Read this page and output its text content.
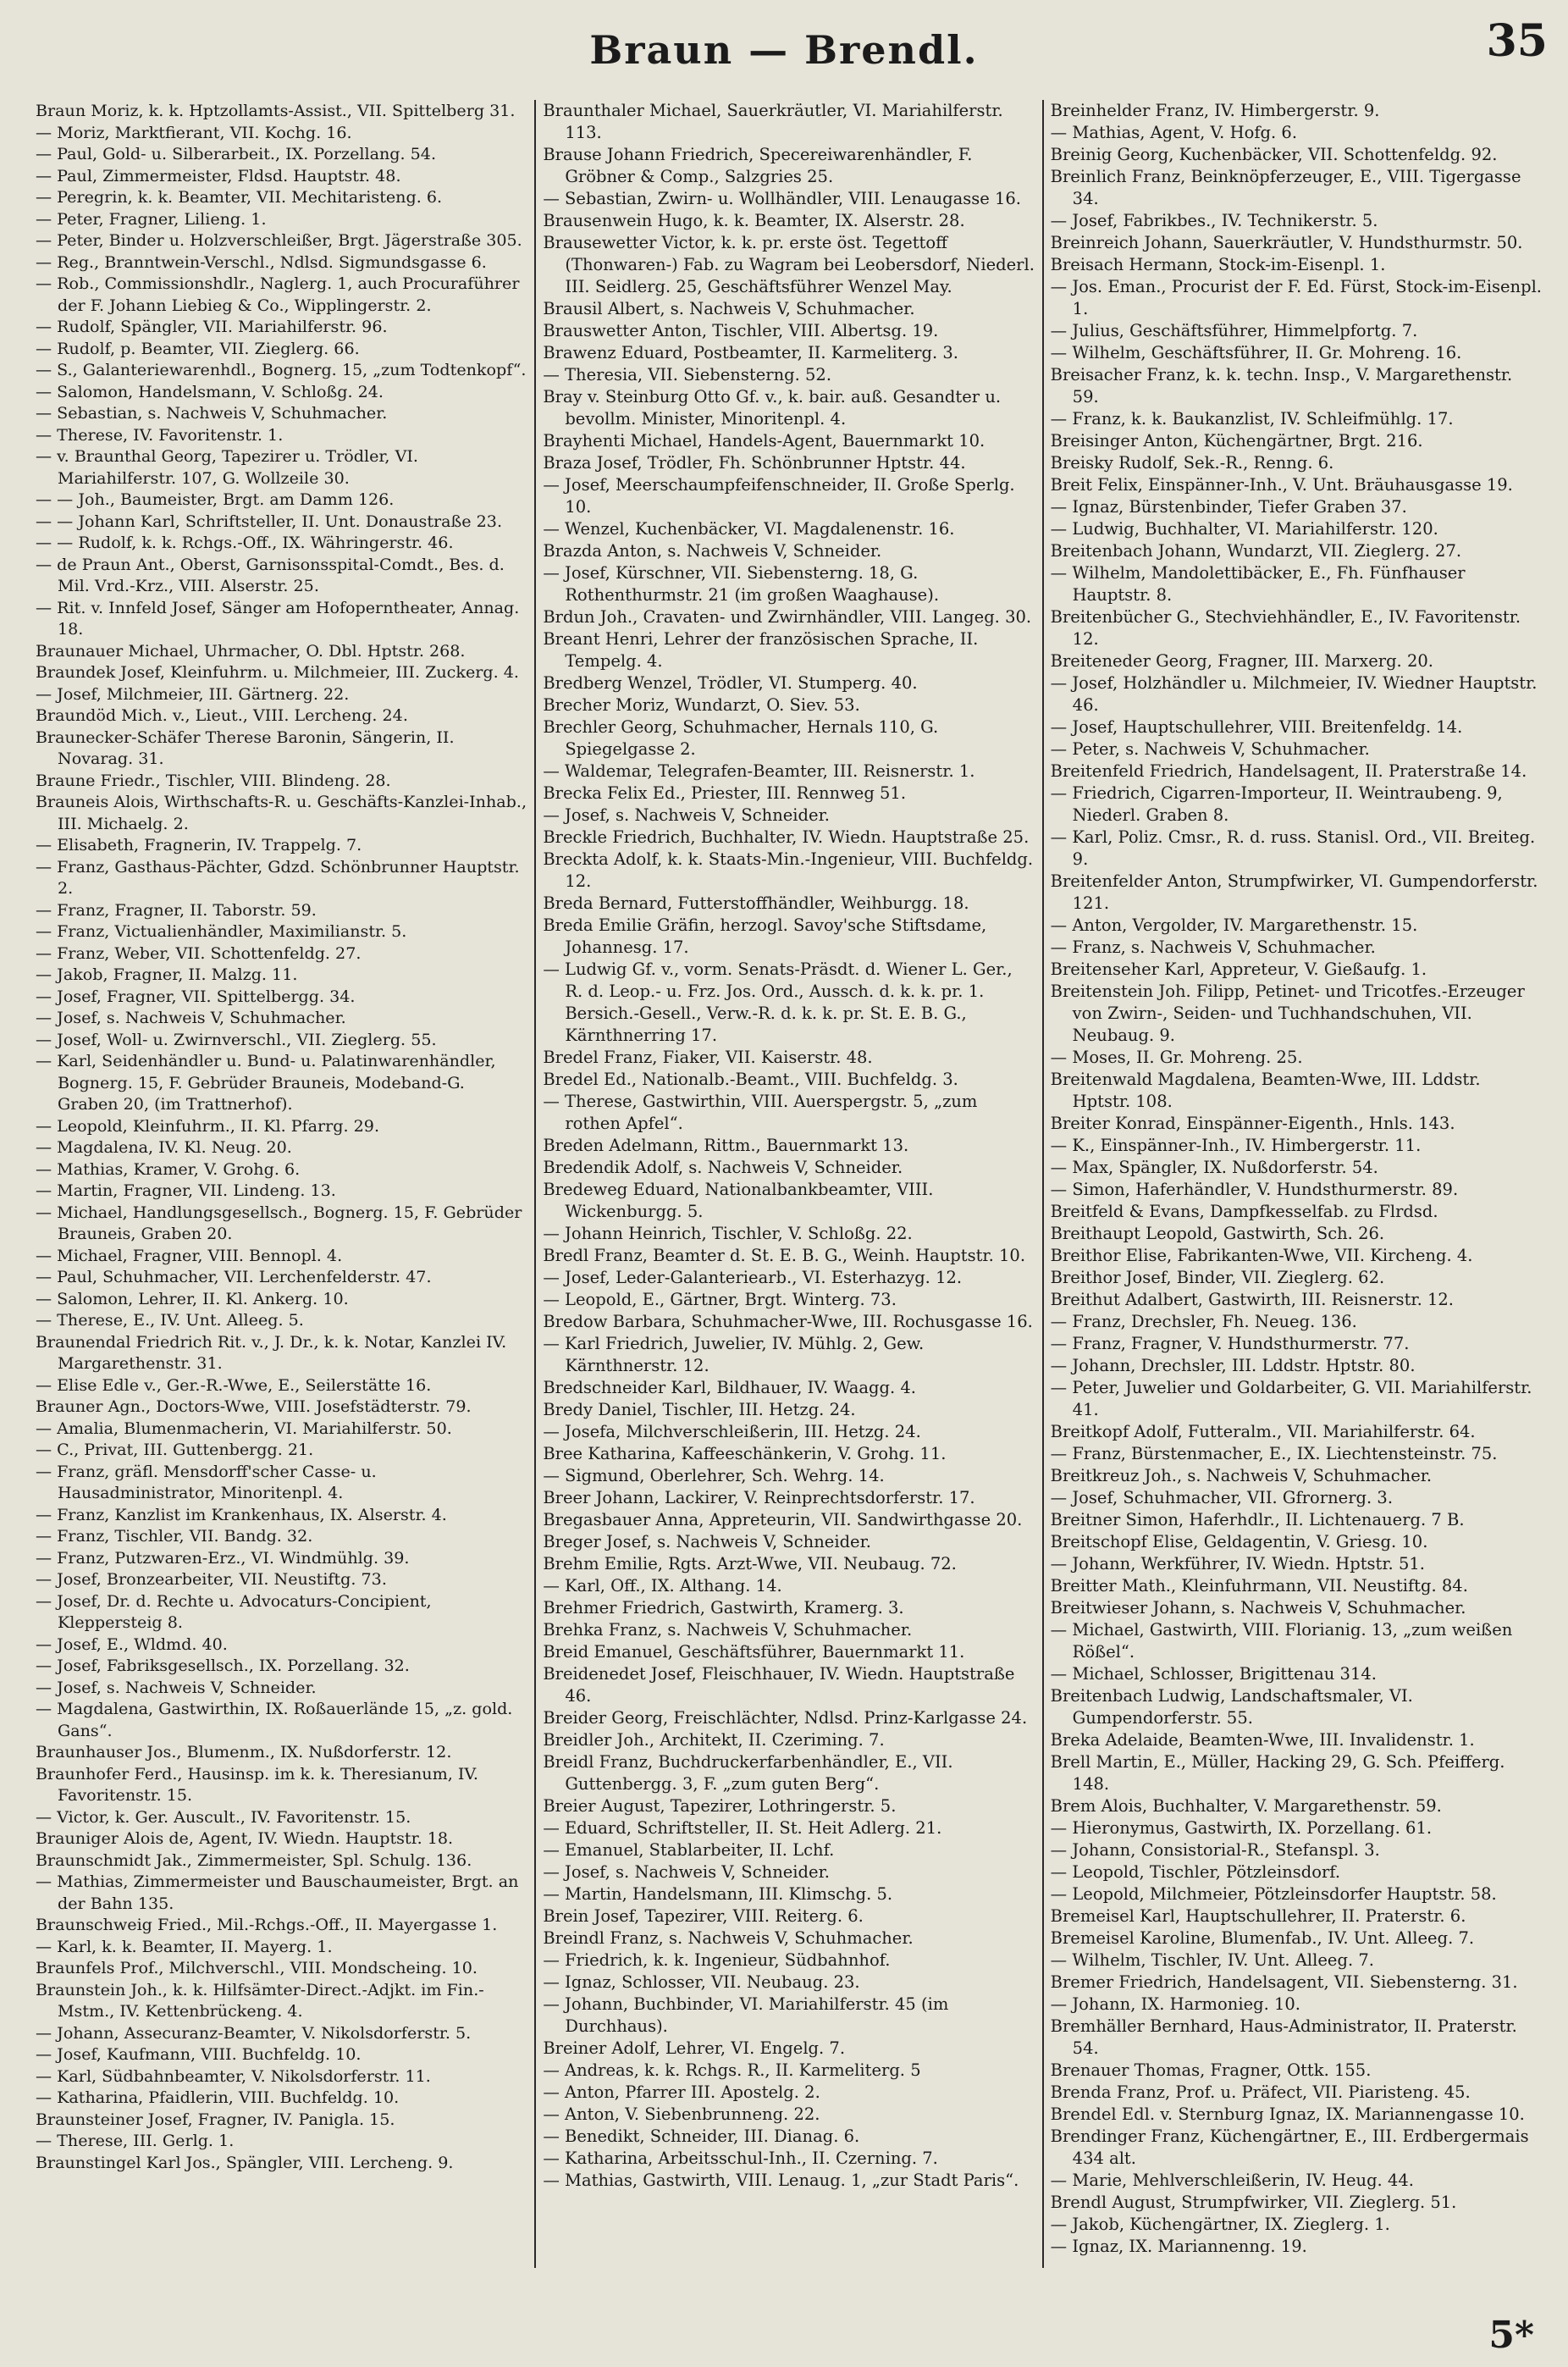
Braun — Brendl.	35
Braun Moriz, k. k. Hptzollamts-Assist., VII. Spittelberg 31.
— Moriz, Marktfierant, VII. Kochg. 16.
— Paul, Gold- u. Silberarbeit., IX. Porzellang. 54.
— Paul, Zimmermeister, Fldsd. Hauptstr. 48.
— Peregrin, k. k. Beamter, VII. Mechitaristeng. 6.
— Peter, Fragner, Lilieng. 1.
— Peter, Binder u. Holzverschleißer, Brgt. Jägerstraße 305.
— Reg., Branntwein-Verschl., Ndlsd. Sigmundsgasse 6.
— Rob., Commissionshdlr., Naglerg. 1, auch Procuraführer der F. Johann Liebieg & Co., Wipplingerstr. 2.
— Rudolf, Spängler, VII. Mariahilferstr. 96.
— Rudolf, p. Beamter, VII. Zieglerg. 66.
— S., Galanteriewarenhdl., Bognerg. 15, „zum Todtenkopf“.
— Salomon, Handelsmann, V. Schloßg. 24.
— Sebastian, s. Nachweis V, Schuhmacher.
— Therese, IV. Favoritenstr. 1.
— v. Braunthal Georg, Tapezirer u. Trödler, VI. Mariahilferstr. 107, G. Wollzeile 30.
— — Joh., Baumeister, Brgt. am Damm 126.
— — Johann Karl, Schriftsteller, II. Unt. Donaustraße 23.
— — Rudolf, k. k. Rchgs.-Off., IX. Währingerstr. 46.
— de Praun Ant., Oberst, Garnisonsspital-Comdt., Bes. d. Mil. Vrd.-Krz., VIII. Alserstr. 25.
— Rit. v. Innfeld Josef, Sänger am Hofoperntheater, Annag. 18.
Braunauer Michael, Uhrmacher, O. Dbl. Hptstr. 268.
Braundek Josef, Kleinfuhrm. u. Milchmeier, III. Zuckerg. 4.
— Josef, Milchmeier, III. Gärtnerg. 22.
Braundöd Mich. v., Lieut., VIII. Lercheng. 24.
Braunecker-Schäfer Therese Baronin, Sängerin, II. Novarag. 31.
Braune Friedr., Tischler, VIII. Blindeng. 28.
Brauneis Alois, Wirthschafts-R. u. Geschäfts-Kanzlei-Inhab., III. Michaelg. 2.
— Elisabeth, Fragnerin, IV. Trappelg. 7.
— Franz, Gasthaus-Pächter, Gdzd. Schönbrunner Hauptstr. 2.
— Franz, Fragner, II. Taborstr. 59.
— Franz, Victualienhändler, Maximilianstr. 5.
— Franz, Weber, VII. Schottenfeldg. 27.
— Jakob, Fragner, II. Malzg. 11.
— Josef, Fragner, VII. Spittelbergg. 34.
— Josef, s. Nachweis V, Schuhmacher.
— Josef, Woll- u. Zwirnverschl., VII. Zieglerg. 55.
— Karl, Seidenhändler u. Bund- u. Palatinwarenhändler, Bognerg. 15, F. Gebrüder Brauneis, Modeband-G. Graben 20, (im Trattnerhof).
— Leopold, Kleinfuhrm., II. Kl. Pfarrg. 29.
— Magdalena, IV. Kl. Neug. 20.
— Mathias, Kramer, V. Grohg. 6.
— Martin, Fragner, VII. Lindeng. 13.
— Michael, Handlungsgesellsch., Bognerg. 15, F. Gebrüder Brauneis, Graben 20.
— Michael, Fragner, VIII. Bennopl. 4.
— Paul, Schuhmacher, VII. Lerchenfelderstr. 47.
— Salomon, Lehrer, II. Kl. Ankerg. 10.
— Therese, E., IV. Unt. Alleeg. 5.
Braunendal Friedrich Rit. v., J. Dr., k. k. Notar, Kanzlei IV. Margarethenstr. 31.
— Elise Edle v., Ger.-R.-Wwe, E., Seilerstätte 16.
Brauner Agn., Doctors-Wwe, VIII. Josefstädterstr. 79.
— Amalia, Blumenmacherin, VI. Mariahilferstr. 50.
— C., Privat, III. Guttenbergg. 21.
— Franz, gräfl. Mensdorff'scher Casse- u. Hausadministrator, Minoritenpl. 4.
— Franz, Kanzlist im Krankenhaus, IX. Alserstr. 4.
— Franz, Tischler, VII. Bandg. 32.
— Franz, Putzwaren-Erz., VI. Windmühlg. 39.
— Josef, Bronzearbeiter, VII. Neustiftg. 73.
— Josef, Dr. d. Rechte u. Advocaturs-Concipient, Kleppersteig 8.
— Josef, E., Wldmd. 40.
— Josef, Fabriksgesellsch., IX. Porzellang. 32.
— Josef, s. Nachweis V, Schneider.
— Magdalena, Gastwirthin, IX. Roßauerlände 15, „z. gold. Gans“.
Braunhauser Jos., Blumenm., IX. Nußdorferstr. 12.
Braunhofer Ferd., Hausinsp. im k. k. Theresianum, IV. Favoritenstr. 15.
— Victor, k. Ger. Auscult., IV. Favoritenstr. 15.
Brauniger Alois de, Agent, IV. Wiedn. Hauptstr. 18.
Braunschmidt Jak., Zimmermeister, Spl. Schulg. 136.
— Mathias, Zimmermeister und Bauschaumeister, Brgt. an der Bahn 135.
Braunschweig Fried., Mil.-Rchgs.-Off., II. Mayergasse 1.
— Karl, k. k. Beamter, II. Mayerg. 1.
Braunfels Prof., Milchverschl., VIII. Mondscheing. 10.
Braunstein Joh., k. k. Hilfsämter-Direct.-Adjkt. im Fin.-Mstm., IV. Kettenbrückeng. 4.
— Johann, Assecuranz-Beamter, V. Nikolsdorferstr. 5.
— Josef, Kaufmann, VIII. Buchfeldg. 10.
— Karl, Südbahnbeamter, V. Nikolsdorferstr. 11.
— Katharina, Pfaidlerin, VIII. Buchfeldg. 10.
Braunsteiner Josef, Fragner, IV. Panigla. 15.
— Therese, III. Gerlg. 1.
Braunstingel Karl Jos., Spängler, VIII. Lercheng. 9.
Braunthaler Michael, Sauerkräutler, VI. Mariahilferstr. 113.
Brause Johann Friedrich, Specereiwarenhändler, F. Gröbner & Comp., Salzgries 25.
— Sebastian, Zwirn- u. Wollhändler, VIII. Lenaugasse 16.
Brausenwein Hugo, k. k. Beamter, IX. Alserstr. 28.
Brausewetter Victor, k. k. pr. erste öst. Tegettoff (Thonwaren-) Fab. zu Wagram bei Leobersdorf, Niederl. III. Seidlerg. 25, Geschäftsführer Wenzel May.
Brausil Albert, s. Nachweis V, Schuhmacher.
Brauswetter Anton, Tischler, VIII. Albertsg. 19.
Brawenz Eduard, Postbeamter, II. Karmeliterg. 3.
— Theresia, VII. Siebensterng. 52.
Bray v. Steinburg Otto Gf. v., k. bair. auß. Gesandter u. bevollm. Minister, Minoritenpl. 4.
Brayhenti Michael, Handels-Agent, Bauernmarkt 10.
Braza Josef, Trödler, Fh. Schönbrunner Hptstr. 44.
— Josef, Meerschaumpfeifenschneider, II. Große Sperlg. 10.
— Wenzel, Kuchenbäcker, VI. Magdalenenstr. 16.
Brazda Anton, s. Nachweis V, Schneider.
— Josef, Kürschner, VII. Siebensterng. 18, G. Rothenthurmstr. 21 (im großen Waaghause).
Brdun Joh., Cravaten- und Zwirnhändler, VIII. Langeg. 30.
Breant Henri, Lehrer der französischen Sprache, II. Tempelg. 4.
Bredberg Wenzel, Trödler, VI. Stumperg. 40.
Brecher Moriz, Wundarzt, O. Siev. 53.
Brechler Georg, Schuhmacher, Hernals 110, G. Spiegelgasse 2.
— Waldemar, Telegrafen-Beamter, III. Reisnerstr. 1.
Brecka Felix Ed., Priester, III. Rennweg 51.
— Josef, s. Nachweis V, Schneider.
Breckle Friedrich, Buchhalter, IV. Wiedn. Hauptstraße 25.
Breckta Adolf, k. k. Staats-Min.-Ingenieur, VIII. Buchfeldg. 12.
Breda Bernard, Futterstoffhändler, Weihburgg. 18.
Breda Emilie Gräfin, herzogl. Savoy'sche Stiftsdame, Johannesg. 17.
— Ludwig Gf. v., vorm. Senats-Präsdt. d. Wiener L. Ger., R. d. Leop.- u. Frz. Jos. Ord., Aussch. d. k. k. pr. 1. Bersich.-Gesell., Verw.-R. d. k. k. pr. St. E. B. G., Kärnthnerring 17.
Bredel Franz, Fiaker, VII. Kaiserstr. 48.
Bredel Ed., Nationalb.-Beamt., VIII. Buchfeldg. 3.
— Therese, Gastwirthin, VIII. Auerspergstr. 5, „zum rothen Apfel“.
Breden Adelmann, Rittm., Bauernmarkt 13.
Bredendik Adolf, s. Nachweis V, Schneider.
Bredeweg Eduard, Nationalbankbeamter, VIII. Wickenburgg. 5.
— Johann Heinrich, Tischler, V. Schloßg. 22.
Bredl Franz, Beamter d. St. E. B. G., Weinh. Hauptstr. 10.
— Josef, Leder-Galanteriearb., VI. Esterhazyg. 12.
— Leopold, E., Gärtner, Brgt. Winterg. 73.
Bredow Barbara, Schuhmacher-Wwe, III. Rochusgasse 16.
— Karl Friedrich, Juwelier, IV. Mühlg. 2, Gew. Kärnthnerstr. 12.
Bredschneider Karl, Bildhauer, IV. Waagg. 4.
Bredy Daniel, Tischler, III. Hetzg. 24.
— Josefa, Milchverschleißerin, III. Hetzg. 24.
Bree Katharina, Kaffeeschänkerin, V. Grohg. 11.
— Sigmund, Oberlehrer, Sch. Wehrg. 14.
Breer Johann, Lackirer, V. Reinprechtsdorferstr. 17.
Bregasbauer Anna, Appreteurin, VII. Sandwirthgasse 20.
Breger Josef, s. Nachweis V, Schneider.
Brehm Emilie, Rgts. Arzt-Wwe, VII. Neubaug. 72.
— Karl, Off., IX. Althang. 14.
Brehmer Friedrich, Gastwirth, Kramerg. 3.
Brehka Franz, s. Nachweis V, Schuhmacher.
Breid Emanuel, Geschäftsführer, Bauernmarkt 11.
Breidenedet Josef, Fleischhauer, IV. Wiedn. Hauptstraße 46.
Breider Georg, Freischlächter, Ndlsd. Prinz-Karlgasse 24.
Breidler Joh., Architekt, II. Czeriming. 7.
Breidl Franz, Buchdruckerfarbenhändler, E., VII. Guttenbergg. 3, F. „zum guten Berg“.
Breier August, Tapezirer, Lothringerstr. 5.
— Eduard, Schriftsteller, II. St. Heit Adlerg. 21.
— Emanuel, Stablarbeiter, II. Lchf.
— Josef, s. Nachweis V, Schneider.
— Martin, Handelsmann, III. Klimschg. 5.
Brein Josef, Tapezirer, VIII. Reiterg. 6.
Breindl Franz, s. Nachweis V, Schuhmacher.
— Friedrich, k. k. Ingenieur, Südbahnhof.
— Ignaz, Schlosser, VII. Neubaug. 23.
— Johann, Buchbinder, VI. Mariahilferstr. 45 (im Durchhaus).
Breiner Adolf, Lehrer, VI. Engelg. 7.
— Andreas, k. k. Rchgs. R., II. Karmeliterg. 5
— Anton, Pfarrer III. Apostelg. 2.
— Anton, V. Siebenbrunneng. 22.
— Benedikt, Schneider, III. Dianag. 6.
— Katharina, Arbeitsschul-Inh., II. Czerning. 7.
— Mathias, Gastwirth, VIII. Lenaug. 1, „zur Stadt Paris“.
Breinhelder Franz, IV. Himbergerstr. 9.
— Mathias, Agent, V. Hofg. 6.
Breinig Georg, Kuchenbäcker, VII. Schottenfeldg. 92.
Breinlich Franz, Beinknöpferzeuger, E., VIII. Tigergasse 34.
— Josef, Fabrikbes., IV. Technikerstr. 5.
Breinreich Johann, Sauerkräutler, V. Hundsthurmstr. 50.
Breisach Hermann, Stock-im-Eisenpl. 1.
— Jos. Eman., Procurist der F. Ed. Fürst, Stock-im-Eisenpl. 1.
— Julius, Geschäftsführer, Himmelpfortg. 7.
— Wilhelm, Geschäftsführer, II. Gr. Mohreng. 16.
Breisacher Franz, k. k. techn. Insp., V. Margarethenstr. 59.
— Franz, k. k. Baukanzlist, IV. Schleifmühlg. 17.
Breisinger Anton, Küchengärtner, Brgt. 216.
Breisky Rudolf, Sek.-R., Renng. 6.
Breit Felix, Einspänner-Inh., V. Unt. Bräuhausgasse 19.
— Ignaz, Bürstenbinder, Tiefer Graben 37.
— Ludwig, Buchhalter, VI. Mariahilferstr. 120.
Breitenbach Johann, Wundarzt, VII. Zieglerg. 27.
— Wilhelm, Mandolettibäcker, E., Fh. Fünfhauser Hauptstr. 8.
Breitenbücher G., Stechviehhändler, E., IV. Favoritenstr. 12.
Breiteneder Georg, Fragner, III. Marxerg. 20.
— Josef, Holzhändler u. Milchmeier, IV. Wiedner Hauptstr. 46.
— Josef, Hauptschullehrer, VIII. Breitenfeldg. 14.
— Peter, s. Nachweis V, Schuhmacher.
Breitenfeld Friedrich, Handelsagent, II. Praterstraße 14.
— Friedrich, Cigarren-Importeur, II. Weintraubeng. 9, Niederl. Graben 8.
— Karl, Poliz. Cmsr., R. d. russ. Stanisl. Ord., VII. Breiteg. 9.
Breitenfelder Anton, Strumpfwirker, VI. Gumpendorferstr. 121.
— Anton, Vergolder, IV. Margarethenstr. 15.
— Franz, s. Nachweis V, Schuhmacher.
Breitenseher Karl, Appreteur, V. Gießaufg. 1.
Breitenstein Joh. Filipp, Petinet- und Tricotfes.-Erzeuger von Zwirn-, Seiden- und Tuchhandschuhen, VII. Neubaug. 9.
— Moses, II. Gr. Mohreng. 25.
Breitenwald Magdalena, Beamten-Wwe, III. Lddstr. Hptstr. 108.
Breiter Konrad, Einspänner-Eigenth., Hnls. 143.
— K., Einspänner-Inh., IV. Himbergerstr. 11.
— Max, Spängler, IX. Nußdorferstr. 54.
— Simon, Haferhändler, V. Hundsthurmerstr. 89.
Breitfeld & Evans, Dampfkesselfab. zu Flrdsd.
Breithaupt Leopold, Gastwirth, Sch. 26.
Breithor Elise, Fabrikanten-Wwe, VII. Kircheng. 4.
Breithor Josef, Binder, VII. Zieglerg. 62.
Breithut Adalbert, Gastwirth, III. Reisnerstr. 12.
— Franz, Drechsler, Fh. Neueg. 136.
— Franz, Fragner, V. Hundsthurmerstr. 77.
— Johann, Drechsler, III. Lddstr. Hptstr. 80.
— Peter, Juwelier und Goldarbeiter, G. VII. Mariahilferstr. 41.
Breitkopf Adolf, Futteralm., VII. Mariahilferstr. 64.
— Franz, Bürstenmacher, E., IX. Liechtensteinstr. 75.
Breitkreuz Joh., s. Nachweis V, Schuhmacher.
— Josef, Schuhmacher, VII. Gfrornerg. 3.
Breitner Simon, Haferhdlr., II. Lichtenauerg. 7 B.
Breitschopf Elise, Geldagentin, V. Griesg. 10.
— Johann, Werkführer, IV. Wiedn. Hptstr. 51.
Breitter Math., Kleinfuhrmann, VII. Neustiftg. 84.
Breitwieser Johann, s. Nachweis V, Schuhmacher.
— Michael, Gastwirth, VIII. Florianig. 13, „zum weißen Rößel“.
— Michael, Schlosser, Brigittenau 314.
Breitenbach Ludwig, Landschaftsmaler, VI. Gumpendorferstr. 55.
Breka Adelaide, Beamten-Wwe, III. Invalidenstr. 1.
Brell Martin, E., Müller, Hacking 29, G. Sch. Pfeifferg. 148.
Brem Alois, Buchhalter, V. Margarethenstr. 59.
— Hieronymus, Gastwirth, IX. Porzellang. 61.
— Johann, Consistorial-R., Stefanspl. 3.
— Leopold, Tischler, Pötzleinsdorf.
— Leopold, Milchmeier, Pötzleinsdorfer Hauptstr. 58.
Bremeisel Karl, Hauptschullehrer, II. Praterstr. 6.
Bremeisel Karoline, Blumenfab., IV. Unt. Alleeg. 7.
— Wilhelm, Tischler, IV. Unt. Alleeg. 7.
Bremer Friedrich, Handelsagent, VII. Siebensterng. 31.
— Johann, IX. Harmonieg. 10.
Bremhäller Bernhard, Haus-Administrator, II. Praterstr. 54.
Brenauer Thomas, Fragner, Ottk. 155.
Brenda Franz, Prof. u. Präfect, VII. Piaristeng. 45.
Brendel Edl. v. Sternburg Ignaz, IX. Mariannengasse 10.
Brendinger Franz, Küchengärtner, E., III. Erdbergermais 434 alt.
— Marie, Mehlverschleißerin, IV. Heug. 44.
Brendl August, Strumpfwirker, VII. Zieglerg. 51.
— Jakob, Küchengärtner, IX. Zieglerg. 1.
— Ignaz, IX. Mariannenng. 19.
5*
